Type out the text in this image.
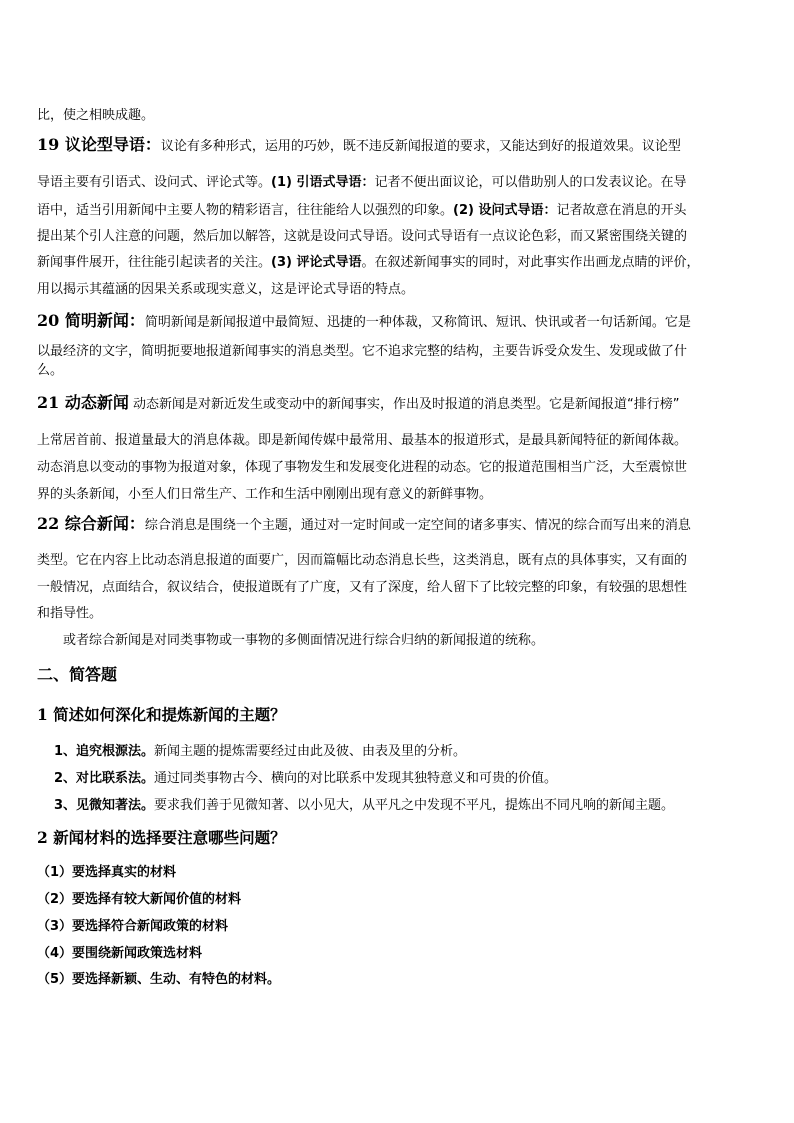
比，使之相映成趣。
19 议论型导语：议论有多种形式，运用的巧妙，既不违反新闻报道的要求，又能达到好的报道效果。议论型
导语主要有引语式、设问式、评论式等。(1) 引语式导语：记者不便出面议论，可以借助别人的口发表议论。在导
语中，适当引用新闻中主要人物的精彩语言，往往能给人以强烈的印象。(2) 设问式导语：记者故意在消息的开头
提出某个引人注意的问题，然后加以解答，这就是设问式导语。设问式导语有一点议论色彩，而又紧密围绕关键的
新闻事件展开，往往能引起读者的关注。(3) 评论式导语。在叙述新闻事实的同时，对此事实作出画龙点睛的评价，
用以揭示其蕴涵的因果关系或现实意义，这是评论式导语的特点。
20 简明新闻：简明新闻是新闻报道中最简短、迅捷的一种体裁，又称简讯、短讯、快讯或者一句话新闻。它是
以最经济的文字，简明扼要地报道新闻事实的消息类型。它不追求完整的结构，主要告诉受众发生、发现或做了什
么。
21 动态新闻 动态新闻是对新近发生或变动中的新闻事实，作出及时报道的消息类型。它是新闻报道“排行榜”
上常居首前、报道量最大的消息体裁。即是新闻传媒中最常用、最基本的报道形式，是最具新闻特征的新闻体裁。
动态消息以变动的事物为报道对象，体现了事物发生和发展变化进程的动态。它的报道范围相当广泛，大至震惊世
界的头条新闻，小至人们日常生产、工作和生活中刚刚出现有意义的新鲜事物。
22 综合新闻：综合消息是围绕一个主题，通过对一定时间或一定空间的诸多事实、情况的综合而写出来的消息
类型。它在内容上比动态消息报道的面要广，因而篇幅比动态消息长些，这类消息，既有点的具体事实，又有面的
一般情况，点面结合，叙议结合，使报道既有了广度，又有了深度，给人留下了比较完整的印象，有较强的思想性
和指导性。
或者综合新闻是对同类事物或一事物的多侧面情况进行综合归纳的新闻报道的统称。
二、简答题
1 简述如何深化和提炼新闻的主题？
1、追究根源法。新闻主题的提炼需要经过由此及彼、由表及里的分析。
2、对比联系法。通过同类事物古今、横向的对比联系中发现其独特意义和可贵的价值。
3、见微知著法。要求我们善于见微知著、以小见大，从平凡之中发现不平凡，提炼出不同凡响的新闻主题。
2 新闻材料的选择要注意哪些问题？
（1）要选择真实的材料
（2）要选择有较大新闻价值的材料
（3）要选择符合新闻政策的材料
（4）要围绕新闻政策选材料
（5）要选择新颖、生动、有特色的材料。
